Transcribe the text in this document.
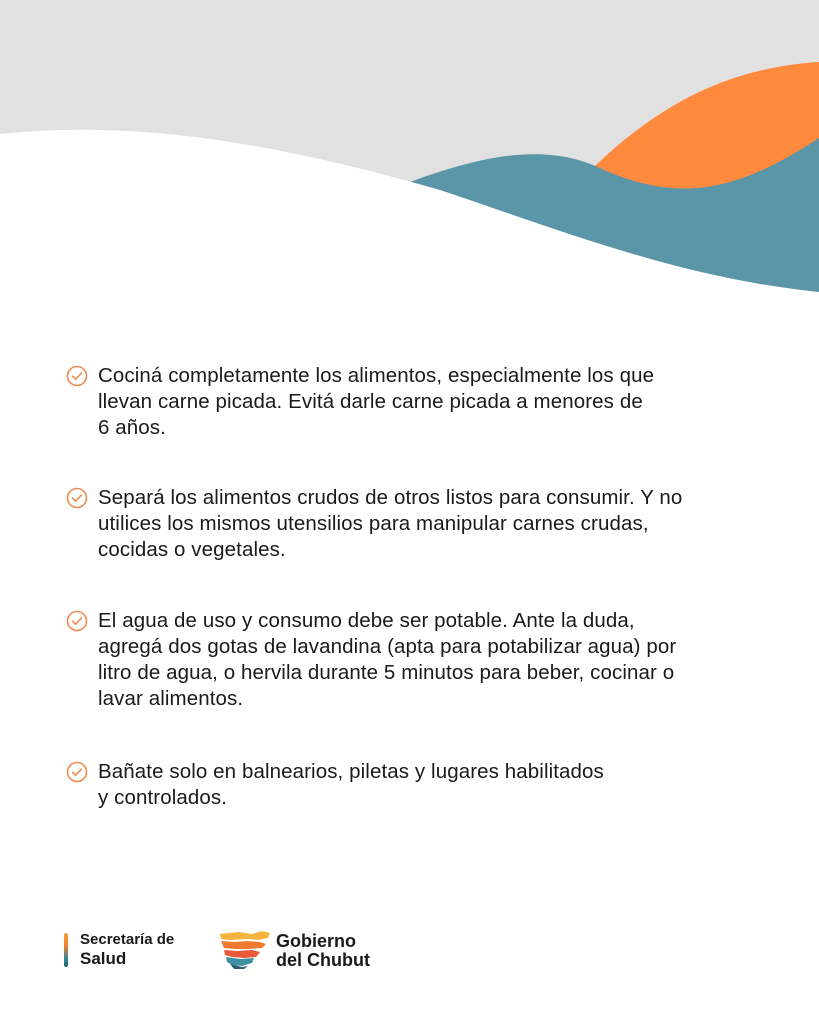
Cociná completamente los alimentos, especialmente los que
llevan carne picada. Evitá darle carne picada a menores de
6 años.
Separá los alimentos crudos de otros listos para consumir. Y no
utilices los mismos utensilios para manipular carnes crudas,
cocidas o vegetales.
El agua de uso y consumo debe ser potable. Ante la duda,
agregá dos gotas de lavandina (apta para potabilizar agua) por
litro de agua, o hervila durante 5 minutos para beber, cocinar o
lavar alimentos.
Bañate solo en balnearios, piletas y lugares habilitados
y controlados.
Secretaría de
Salud
Gobierno
del Chubut
